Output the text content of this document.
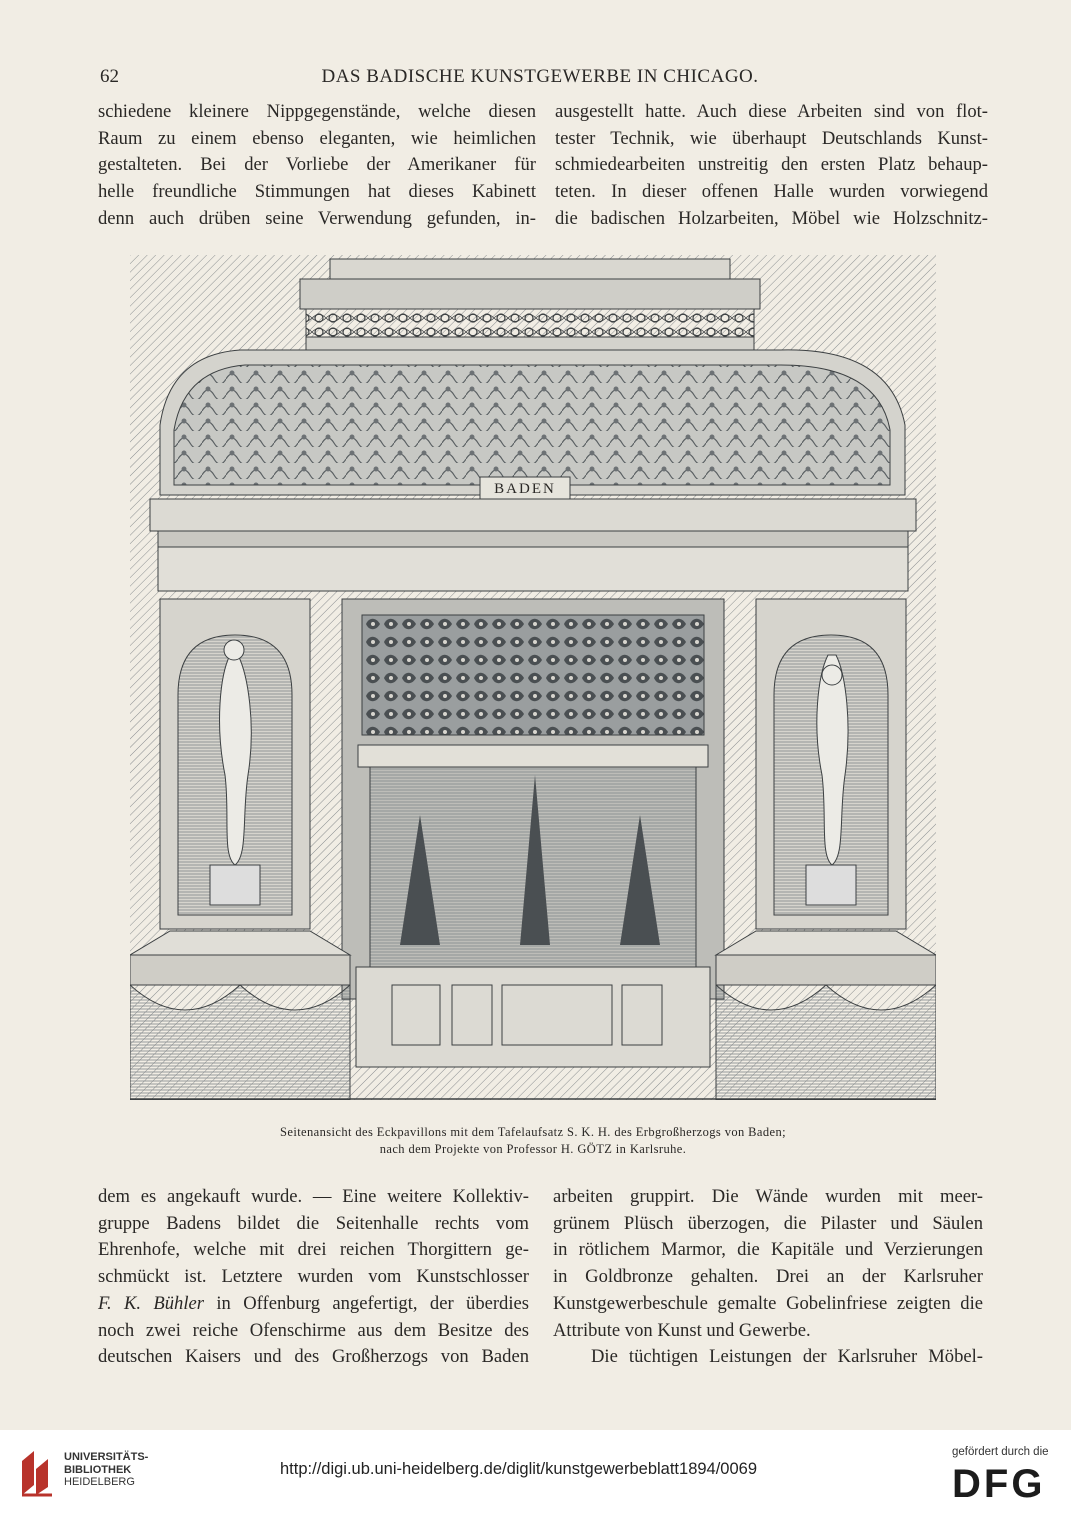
62	DAS BADISCHE KUNSTGEWERBE IN CHICAGO.

schiedene kleinere Nippgegenstände, welche diesen

Raum zu einem ebenso eleganten, wie heimlichen

gestalteten. Bei der Vorliebe der Amerikaner für

helle freundliche Stimmungen hat dieses Kabinett

denn auch drüben seine Verwendung gefunden, in-

ausgestellt hatte. Auch diese Arbeiten sind von flot-

tester Technik, wie überhaupt Deutschlands Kunst-

schmiedearbeiten unstreitig den ersten Platz behaup-

teten. In dieser offenen Halle wurden vorwiegend

die badischen Holzarbeiten, Möbel wie Holzschnitz-

BADEN
Seitenansicht des Eckpavillons mit dem Tafelaufsatz S. K. H. des Erbgroßherzogs von Baden;
nach dem Projekte von Professor H. GÖTZ in Karlsruhe.

dem es angekauft wurde. — Eine weitere Kollektiv-

gruppe Badens bildet die Seitenhalle rechts vom

Ehrenhofe, welche mit drei reichen Thorgittern ge-

schmückt ist. Letztere wurden vom Kunstschlosser

F. K. Bühler in Offenburg angefertigt, der überdies

noch zwei reiche Ofenschirme aus dem Besitze des

deutschen Kaisers und des Großherzogs von Baden

arbeiten gruppirt. Die Wände wurden mit meer-

grünem Plüsch überzogen, die Pilaster und Säulen

in rötlichem Marmor, die Kapitäle und Verzierungen

in Goldbronze gehalten. Drei an der Karlsruher

Kunstgewerbeschule gemalte Gobelinfriese zeigten die

Attribute von Kunst und Gewerbe.

Die tüchtigen Leistungen der Karlsruher Möbel-

UNIVERSITÄTS-
BIBLIOTHEK
HEIDELBERG
http://digi.ub.uni-heidelberg.de/diglit/kunstgewerbeblatt1894/0069
gefördert durch die
DFG
